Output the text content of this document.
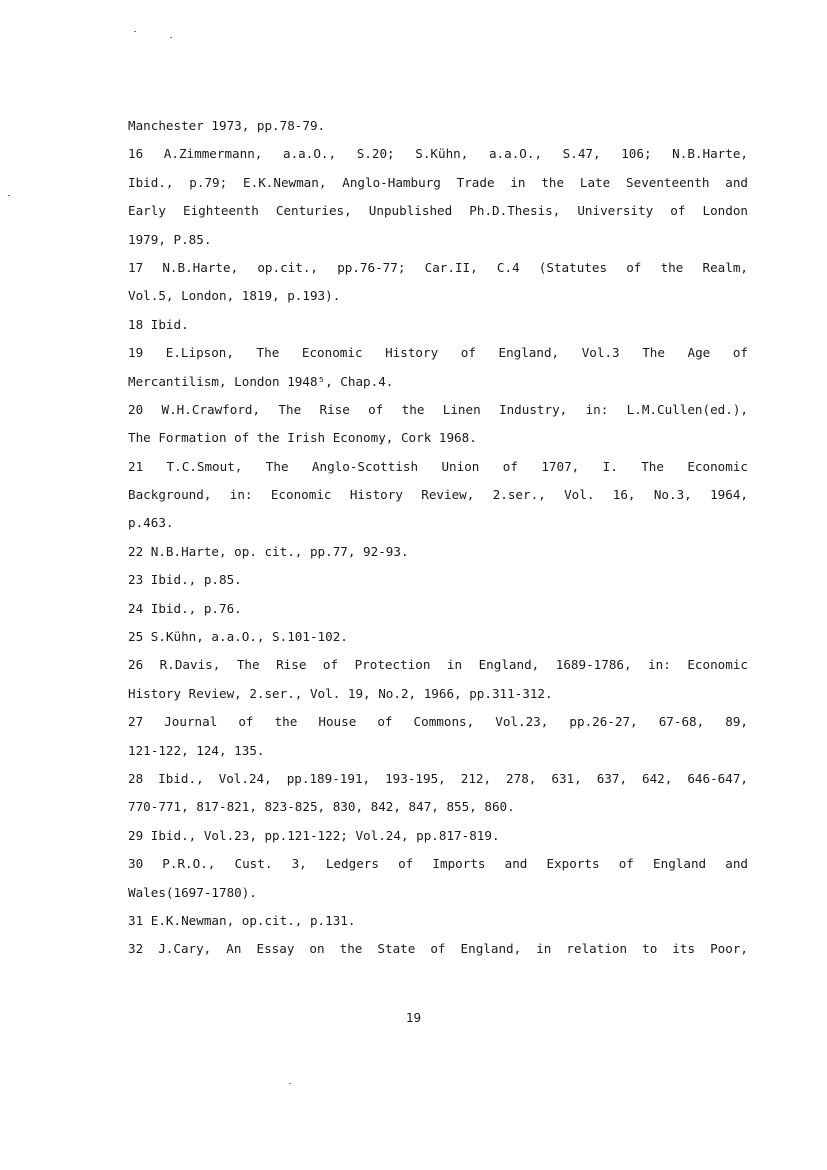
Manchester 1973, pp.78-79.
16 A.Zimmermann, a.a.O., S.20; S.Kühn, a.a.O., S.47, 106; N.B.Harte,
Ibid., p.79; E.K.Newman, Anglo-Hamburg Trade in the Late Seventeenth and
Early Eighteenth Centuries, Unpublished Ph.D.Thesis, University of London
1979, P.85.
17 N.B.Harte, op.cit., pp.76-77; Car.II, C.4 (Statutes of the Realm,
Vol.5, London, 1819, p.193).
18 Ibid.
19 E.Lipson, The Economic History of England, Vol.3 The Age of
Mercantilism, London 1948⁵, Chap.4.
20 W.H.Crawford, The Rise of the Linen Industry, in: L.M.Cullen(ed.),
The Formation of the Irish Economy, Cork 1968.
21 T.C.Smout, The Anglo-Scottish Union of 1707, I. The Economic
Background, in: Economic History Review, 2.ser., Vol. 16, No.3, 1964,
p.463.
22 N.B.Harte, op. cit., pp.77, 92-93.
23 Ibid., p.85.
24 Ibid., p.76.
25 S.Kühn, a.a.O., S.101-102.
26 R.Davis, The Rise of Protection in England, 1689-1786, in: Economic
History Review, 2.ser., Vol. 19, No.2, 1966, pp.311-312.
27 Journal of the House of Commons, Vol.23, pp.26-27, 67-68, 89,
121-122, 124, 135.
28 Ibid., Vol.24, pp.189-191, 193-195, 212, 278, 631, 637, 642, 646-647,
770-771, 817-821, 823-825, 830, 842, 847, 855, 860.
29 Ibid., Vol.23, pp.121-122; Vol.24, pp.817-819.
30 P.R.O., Cust. 3, Ledgers of Imports and Exports of England and
Wales(1697-1780).
31 E.K.Newman, op.cit., p.131.
32 J.Cary, An Essay on the State of England, in relation to its Poor,
19
